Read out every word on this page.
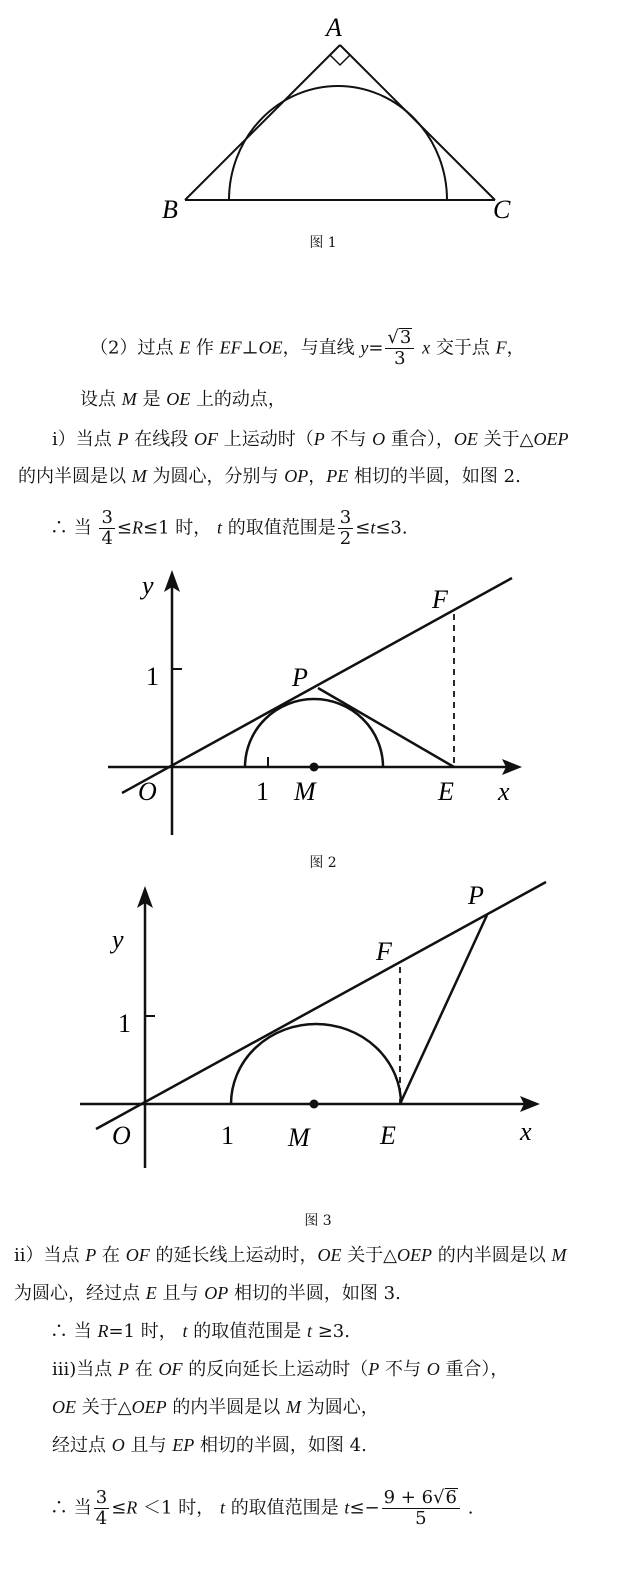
A
B	C
图 1
（2）过点 E 作 EF⊥OE，与直线 $y= \frac{√3}{3}$ x 交于点 F，
设点 M 是 OE 上的动点，
i）当点 P 在线段 OF 上运动时（P 不与 O 重合），OE 关于△OEP
的内半圆是以 M 为圆心，分别与 OP，PE 相切的半圆，如图 2.
∴ 当 $\frac{3}{4} \le R\le 1$ 时， t 的取值范围是 $\frac{3}{2} \le t\le 3$.
y
1	P
F
O	1 M	E x
图 2
y
1
P
F
O	1 M	E	x
图 3
ii）当点 P 在 OF 的延长线上运动时，OE 关于△OEP 的内半圆是以 M
为圆心，经过点 E 且与 OP 相切的半圆，如图 3.
∴ 当 R=1 时， t 的取值范围是 t ≥3.
iii)当点 P 在 OF 的反向延长上运动时（P 不与 O 重合），
OE 关于△OEP 的内半圆是以 M 为圆心，
经过点 O 且与 EP 相切的半圆，如图 4.
∴ 当 $\frac{3}{4} \le R <1$ 时， t 的取值范围是 $t\le- \frac{9 + 6√6}{5}$ .
